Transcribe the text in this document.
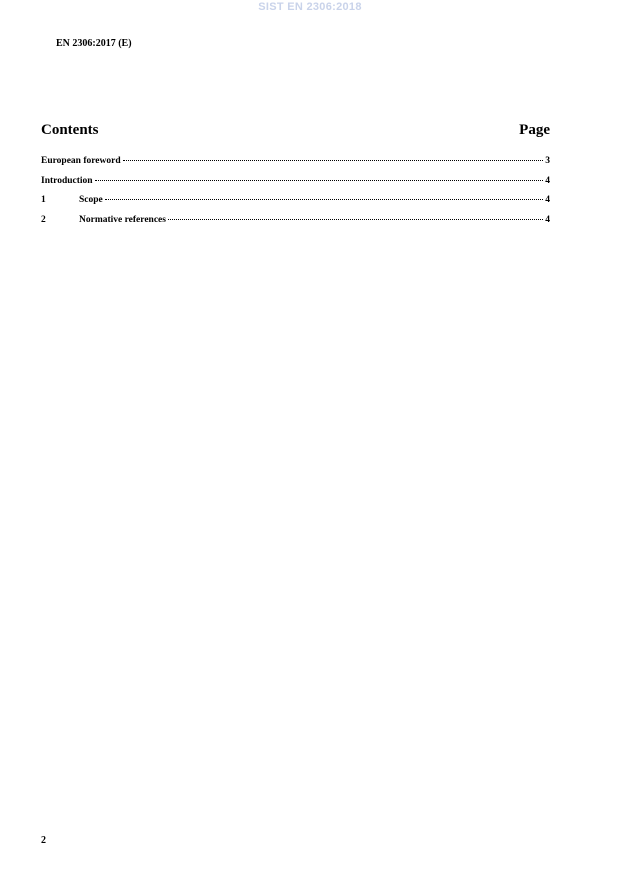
SIST EN 2306:2018
EN 2306:2017 (E)
Contents	Page
European foreword	3
Introduction	4
1	Scope	4
2	Normative references	4
2
